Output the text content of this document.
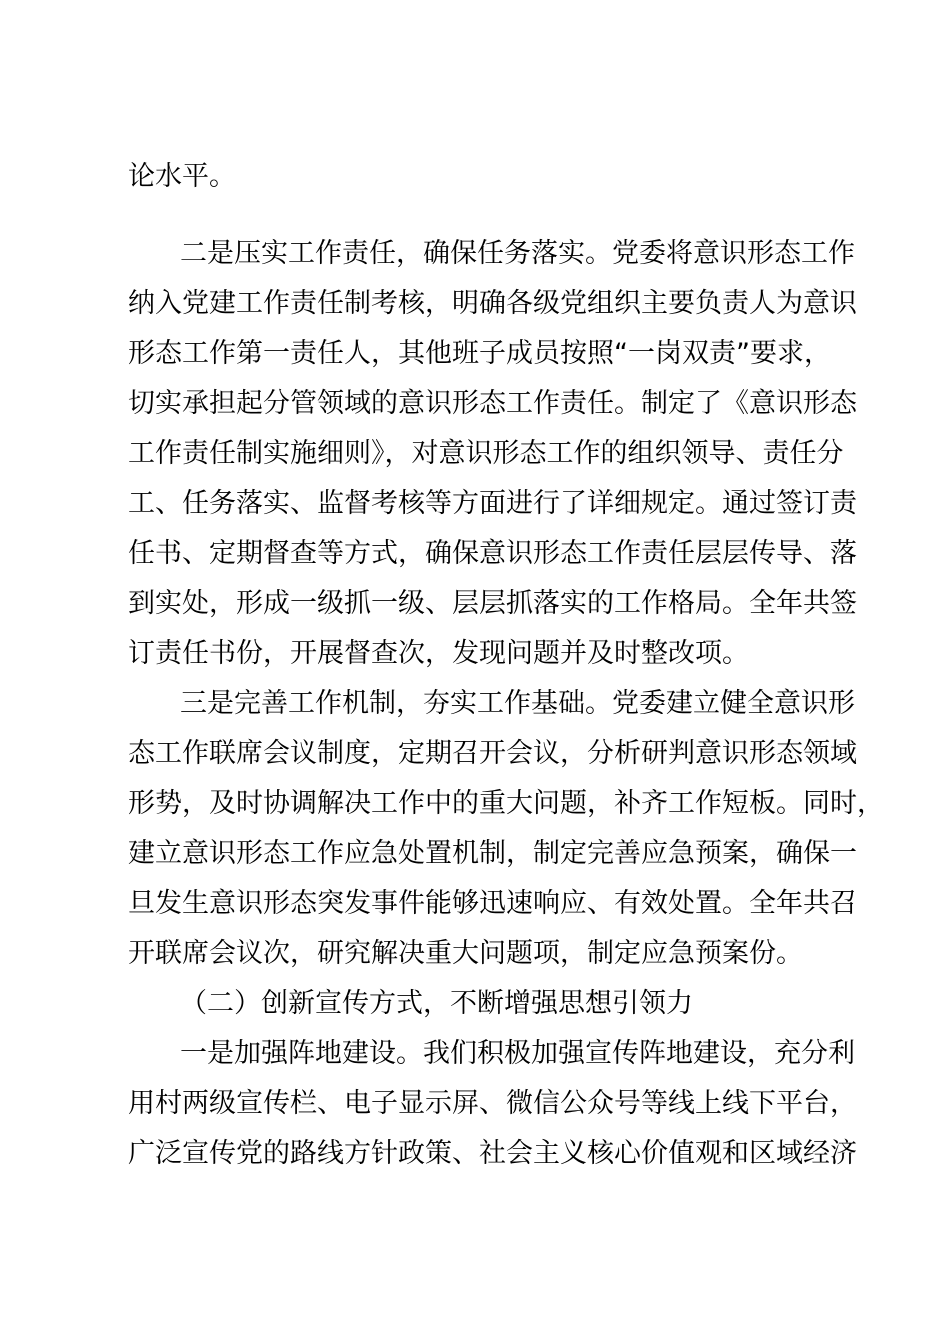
论水平。

二是压实工作责任，确保任务落实。党委将意识形态工作

纳入党建工作责任制考核，明确各级党组织主要负责人为意识

形态工作第一责任人，其他班子成员按照“一岗双责”要求，

切实承担起分管领域的意识形态工作责任。制定了《意识形态

工作责任制实施细则》，对意识形态工作的组织领导、责任分

工、任务落实、监督考核等方面进行了详细规定。通过签订责

任书、定期督查等方式，确保意识形态工作责任层层传导、落

到实处，形成一级抓一级、层层抓落实的工作格局。全年共签

订责任书份，开展督查次，发现问题并及时整改项。

三是完善工作机制，夯实工作基础。党委建立健全意识形

态工作联席会议制度，定期召开会议，分析研判意识形态领域

形势，及时协调解决工作中的重大问题，补齐工作短板。同时，

建立意识形态工作应急处置机制，制定完善应急预案，确保一

旦发生意识形态突发事件能够迅速响应、有效处置。全年共召

开联席会议次，研究解决重大问题项，制定应急预案份。

（二）创新宣传方式，不断增强思想引领力

一是加强阵地建设。我们积极加强宣传阵地建设，充分利

用村两级宣传栏、电子显示屏、微信公众号等线上线下平台，

广泛宣传党的路线方针政策、社会主义核心价值观和区域经济
